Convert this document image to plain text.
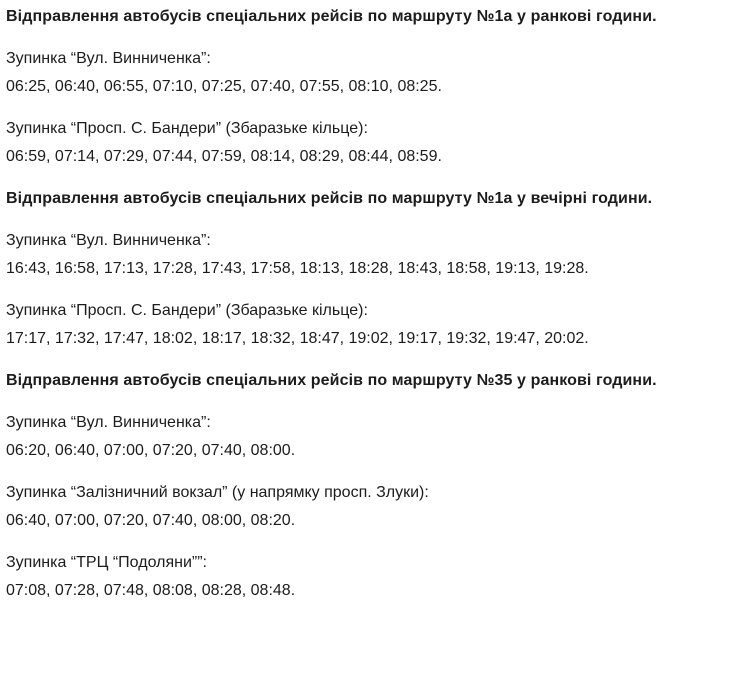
Відправлення автобусів спеціальних рейсів по маршруту №1а у ранкові години.

Зупинка “Вул. Винниченка”:

06:25, 06:40, 06:55, 07:10, 07:25, 07:40, 07:55, 08:10, 08:25.

Зупинка “Просп. С. Бандери” (Збаразьке кільце):

06:59, 07:14, 07:29, 07:44, 07:59, 08:14, 08:29, 08:44, 08:59.

Відправлення автобусів спеціальних рейсів по маршруту №1а у вечірні години.

Зупинка “Вул. Винниченка”:

16:43, 16:58, 17:13, 17:28, 17:43, 17:58, 18:13, 18:28, 18:43, 18:58, 19:13, 19:28.

Зупинка “Просп. С. Бандери” (Збаразьке кільце):

17:17, 17:32, 17:47, 18:02, 18:17, 18:32, 18:47, 19:02, 19:17, 19:32, 19:47, 20:02.

Відправлення автобусів спеціальних рейсів по маршруту №35 у ранкові години.

Зупинка “Вул. Винниченка”:

06:20, 06:40, 07:00, 07:20, 07:40, 08:00.

Зупинка “Залізничний вокзал” (у напрямку просп. Злуки):

06:40, 07:00, 07:20, 07:40, 08:00, 08:20.

Зупинка “ТРЦ “Подоляни””:

07:08, 07:28, 07:48, 08:08, 08:28, 08:48.
